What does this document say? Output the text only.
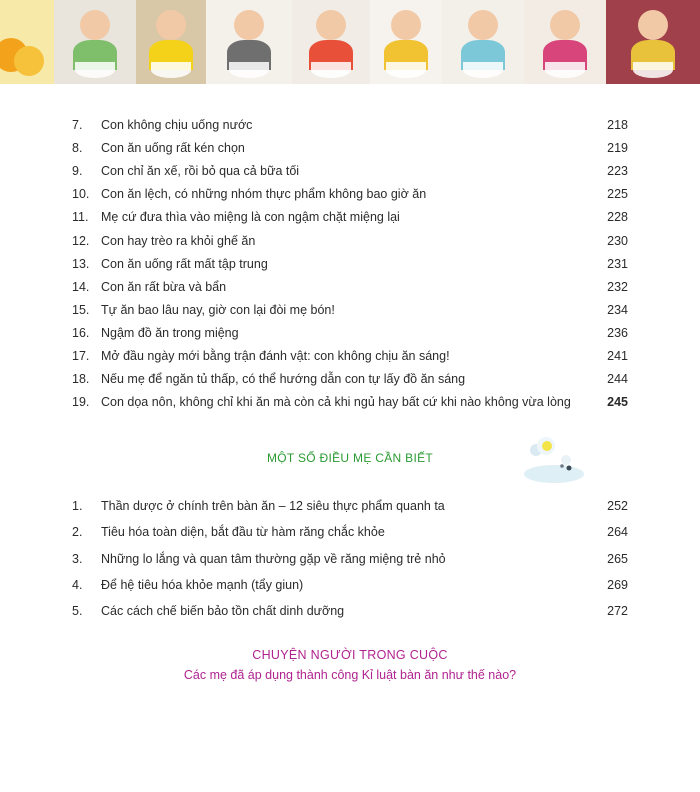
7.	Con không chịu uống nước	218
8.	Con ăn uống rất kén chọn	219
9.	Con chỉ ăn xế, rồi bỏ qua cả bữa tối	223
10. Con ăn lệch, có những nhóm thực phẩm không bao giờ ăn	225
11.	Mẹ cứ đưa thìa vào miệng là con ngậm chặt miệng lại	228
12. Con hay trèo ra khỏi ghế ăn	230
13. Con ăn uống rất mất tập trung	231
14. Con ăn rất bừa và bẩn	232
15. Tự ăn bao lâu nay, giờ con lại đòi mẹ bón!	234
16. Ngậm đồ ăn trong miệng	236
17. Mở đầu ngày mới bằng trận đánh vật: con không chịu ăn sáng!	241
18. Nếu mẹ để ngăn tủ thấp, có thể hướng dẫn con tự lấy đồ ăn sáng	244
19. Con dọa nôn, không chỉ khi ăn mà còn cả khi ngủ hay bất cứ khi nào không vừa lòng	245
MỘT SỐ ĐIỀU MẸ CẦN BIẾT
1.	Thần dược ở chính trên bàn ăn – 12 siêu thực phẩm quanh ta	252
2.	Tiêu hóa toàn diện, bắt đầu từ hàm răng chắc khỏe	264
3.	Những lo lắng và quan tâm thường gặp về răng miệng trẻ nhỏ	265
4.	Để hệ tiêu hóa khỏe mạnh (tẩy giun)	269
5.	Các cách chế biến bảo tồn chất dinh dưỡng	272
CHUYỆN NGƯỜI TRONG CUỘC
Các mẹ đã áp dụng thành công Kỉ luật bàn ăn như thế nào?
